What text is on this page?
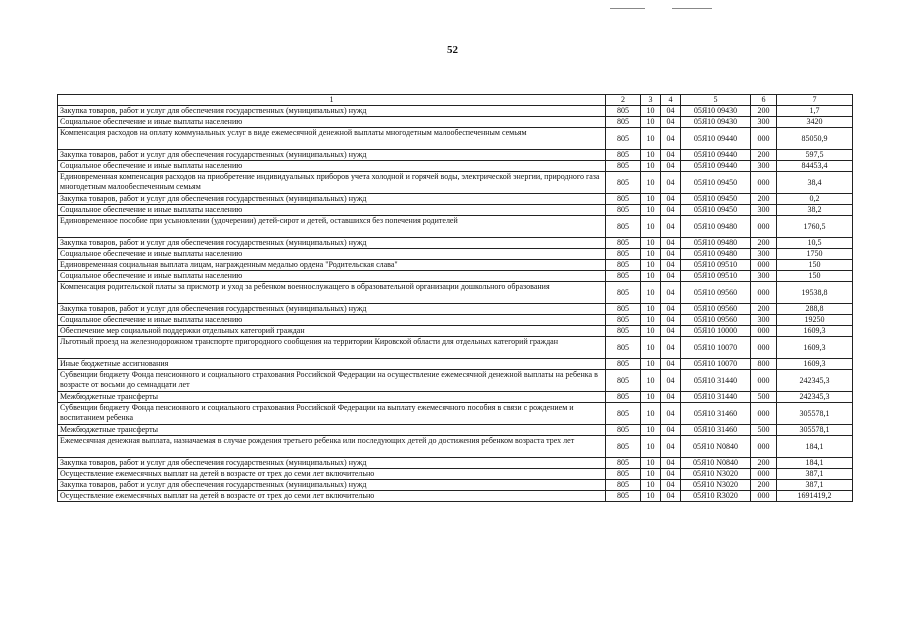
52
1	2	3	4	5	6	7
Закупка товаров, работ и услуг для обеспечения государственных (муниципальных) нужд	805	10	04	05Я10 09430	200	1,7
Социальное обеспечение и иные выплаты населению	805	10	04	05Я10 09430	300	3420
Компенсация расходов на оплату коммунальных услуг в виде ежемесячной денежной выплаты многодетным малообеспеченным семьям	805	10	04	05Я10 09440	000	85050,9
Закупка товаров, работ и услуг для обеспечения государственных (муниципальных) нужд	805	10	04	05Я10 09440	200	597,5
Социальное обеспечение и иные выплаты населению	805	10	04	05Я10 09440	300	84453,4
Единовременная компенсация расходов на приобретение индивидуальных приборов учета холодной и горячей воды, электрической энергии, природного газа многодетным малообеспеченным семьям	805	10	04	05Я10 09450	000	38,4
Закупка товаров, работ и услуг для обеспечения государственных (муниципальных) нужд	805	10	04	05Я10 09450	200	0,2
Социальное обеспечение и иные выплаты населению	805	10	04	05Я10 09450	300	38,2
Единовременное пособие при усыновлении (удочерении) детей-сирот и детей, оставшихся без попечения родителей	805	10	04	05Я10 09480	000	1760,5
Закупка товаров, работ и услуг для обеспечения государственных (муниципальных) нужд	805	10	04	05Я10 09480	200	10,5
Социальное обеспечение и иные выплаты населению	805	10	04	05Я10 09480	300	1750
Единовременная социальная выплата лицам, награжденным медалью ордена "Родительская слава"	805	10	04	05Я10 09510	000	150
Социальное обеспечение и иные выплаты населению	805	10	04	05Я10 09510	300	150
Компенсация родительской платы за присмотр и уход за ребенком военнослужащего в образовательной организации дошкольного образования	805	10	04	05Я10 09560	000	19538,8
Закупка товаров, работ и услуг для обеспечения государственных (муниципальных) нужд	805	10	04	05Я10 09560	200	288,8
Социальное обеспечение и иные выплаты населению	805	10	04	05Я10 09560	300	19250
Обеспечение мер социальной поддержки отдельных категорий граждан	805	10	04	05Я10 10000	000	1609,3
Льготный проезд на железнодорожном транспорте пригородного сообщения на территории Кировской области для отдельных категорий граждан	805	10	04	05Я10 10070	000	1609,3
Иные бюджетные ассигнования	805	10	04	05Я10 10070	800	1609,3
Субвенции бюджету Фонда пенсионного и социального страхования Российской Федерации на осуществление ежемесячной денежной выплаты на ребенка в возрасте от восьми до семнадцати лет	805	10	04	05Я10 31440	000	242345,3
Межбюджетные трансферты	805	10	04	05Я10 31440	500	242345,3
Субвенции бюджету Фонда пенсионного и социального страхования Российской Федерации на выплату ежемесячного пособия в связи с рождением и воспитанием ребенка	805	10	04	05Я10 31460	000	305578,1
Межбюджетные трансферты	805	10	04	05Я10 31460	500	305578,1
Ежемесячная денежная выплата, назначаемая в случае рождения третьего ребенка или последующих детей до достижения ребенком возраста трех лет	805	10	04	05Я10 N0840	000	184,1
Закупка товаров, работ и услуг для обеспечения государственных (муниципальных) нужд	805	10	04	05Я10 N0840	200	184,1
Осуществление ежемесячных выплат на детей в возрасте от трех до семи лет включительно	805	10	04	05Я10 N3020	000	387,1
Закупка товаров, работ и услуг для обеспечения государственных (муниципальных) нужд	805	10	04	05Я10 N3020	200	387,1
Осуществление ежемесячных выплат на детей в возрасте от трех до семи лет включительно	805	10	04	05Я10 R3020	000	1691419,2
